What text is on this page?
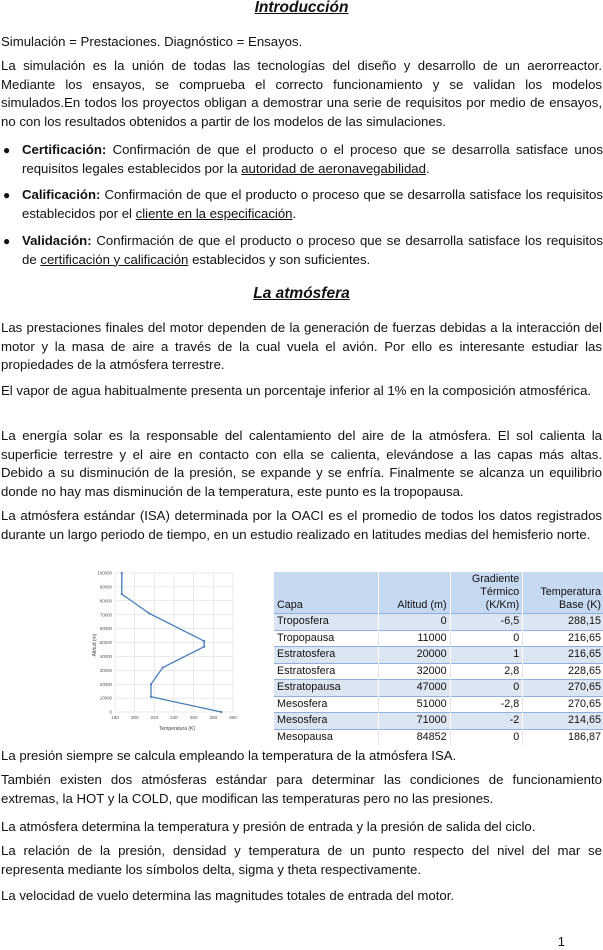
Introducción

Simulación = Prestaciones. Diagnóstico = Ensayos.

La simulación es la unión de todas las tecnologías del diseño y desarrollo de un aerorreactor. Mediante los ensayos, se comprueba el correcto funcionamiento y se validan los modelos simulados.En todos los proyectos obligan a demostrar una serie de requisitos por medio de ensayos, no con los resultados obtenidos a partir de los modelos de las simulaciones.

● Certificación: Confirmación de que el producto o el proceso que se desarrolla satisface unos requisitos legales establecidos por la autoridad de aeronavegabilidad.
● Calificación: Confirmación de que el producto o proceso que se desarrolla satisface los requisitos establecidos por el cliente en la especificación.
● Validación: Confirmación de que el producto o proceso que se desarrolla satisface los requisitos de certificación y calificación establecidos y son suficientes.
La atmósfera

Las prestaciones finales del motor dependen de la generación de fuerzas debidas a la interacción del motor y la masa de aire a través de la cual vuela el avión. Por ello es interesante estudiar las propiedades de la atmósfera terrestre.

El vapor de agua habitualmente presenta un porcentaje inferior al 1% en la composición atmosférica.

La energía solar es la responsable del calentamiento del aire de la atmósfera. El sol calienta la superficie terrestre y el aire en contacto con ella se calienta, elevándose a las capas más altas. Debido a su disminución de la presión, se expande y se enfría. Finalmente se alcanza un equilibrio donde no hay mas disminución de la temperatura, este punto es la tropopausa.

La atmósfera estándar (ISA) determinada por la OACI es el promedio de todos los datos registrados durante un largo periodo de tiempo, en un estudio realizado en latitudes medias del hemisferio norte.

0
10000
20000
30000
40000
50000
60000
70000
80000
90000
100000
180	200	220	240	260	280	300
Altitud (m)
Temperatura (K)
Capa	Altitud (m)	Gradiente Térmico (K/Km)	Temperatura Base (K)
Troposfera	0	-6,5	288,15
Tropopausa	11000	0	216,65
Estratosfera	20000	1	216,65
Estratosfera	32000	2,8	228,65
Estratopausa	47000	0	270,65
Mesosfera	51000	-2,8	270,65
Mesosfera	71000	-2	214,65
Mesopausa	84852	0	186,87

La presión siempre se calcula empleando la temperatura de la atmósfera ISA.

También existen dos atmósferas estándar para determinar las condiciones de funcionamiento extremas, la HOT y la COLD, que modifican las temperaturas pero no las presiones.

La atmósfera determina la temperatura y presión de entrada y la presión de salida del ciclo.

La relación de la presión, densidad y temperatura de un punto respecto del nivel del mar se representa mediante los símbolos delta, sigma y theta respectivamente.

La velocidad de vuelo determina las magnitudes totales de entrada del motor.

1
